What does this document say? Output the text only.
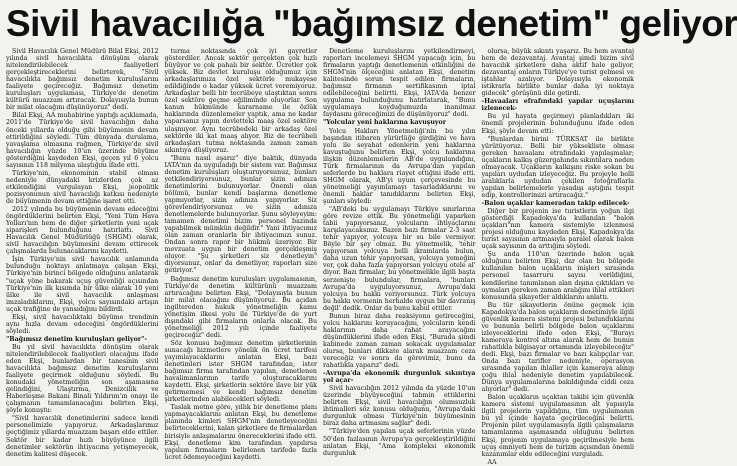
Sivil havacılığa "bağımsız denetim" geliyor

Sivil Havacılık Genel Müdürü Bilal Ekşi, 2012 yılında sivil havacılıkta dönüşüm olarak nitelendirilebilecek faaliyetleri gerçekleştireceklerini belirterek, "Sivil havacılıkta bağımsız denetim kuruluşlarını faaliyete geçireceğiz. Bağımsız denetim kuruluşları uygulaması, Türkiye'de denetim kültürü muazzam artıracak. Dolayısıyla bunun bir milat olacağını düşünüyoruz" dedi.

Bilal Ekşi, AA muhabirine yaptığı açıklamada, 2011'de Türkiye'de sivil havacılığın daha önceki yıllarda olduğu gibi büyümenin devam ettirildiğini söyledi. Tüm dünyada durulama, yavaşlama olmasına rağmen, Türkiye'de sivil havacılığın yüzde 10'un üzerinde büyüme gösterdiğini kaydeden Ekşi, geçen yıl 6 yolcu sayısının 118 milyona ulaştığını ifade etti.

Türkiye'nin, ekonominin stabil olması nedeniyle dünyadaki krizlerden çok az etkilendiğini vurgulayan Ekşi, jeopolitik pozisyonunun sivil havacılığı katkısı nedeniyle de büyümenin devam ettiğine işaret etti.

2012 yılında bu büyümenin devam edeceğini öngördüklerini belirten Ekşi, "Yeni Tüm Hava Yolları'nın hem de diğer şirketlerin yeni uçak siparişleri bulunduğunu hatırlattı. Sivil Havacılık Genel Müdürlüğü (SHGM) olarak, sivil havacılığın büyümesini devam ettirecek çalışmalarda bulunacaklarını kaydetti.

İşin Türkiye'nin sivil havacılık anlamında bulunduğu noktayı anlatmaya çalışan Ekşi, Türkiye'nin birinci bölgede olduğunu anlatarak "uçak yöne bakarak uçuş güvenliği açısından Türkiye'nin ilk kısımda bir ülke olarak 10 yeni ülke ile sivil havacılık anlaşması imzaladıklarını, Ekşi, yolcu sayısındaki artışın uçak trafiğine de yansıdığını bildirdi.

Ekşi, sivil havacılıktaki büyüme trendinin aynı hızla devam edeceğini öngördüklerini söyledi.

"Bağımsız denetim kuruluşları geliyor"-

Bu yıl sivil havacılıkta dönüşüm olarak nitelendirilebilecek faaliyetleri olacağını ifade eden Ekşi, bunlardan bir tanesinin sivil havacılıkta bağımsız denetim kuruluşlarını faaliyete geçirmek olduğunu söyledi. Bu konudaki yönetmeliğin son aşamasına gelindiğini, Ulaştırma, Denizcilik ve Haberleşme Bakanı Binali Yıldırım'ın onayı ile çalışmanın tamamlanacağını belirten Ekşi, şöyle konuştu:

"Sivil havacılık denetimlerini sadece kendi personelimizle yapıyoruz. Arkadaşlarımız geçtiğimiz yıllarda muazzam başarı elde ettiler. Sektör bir kadar hızlı büyüyünce ilgili denetimler sektörün ihtiyacına yetişmeyecek, denetim kalitesi düşecek.

turma noktasında çok iyi gayretler gösterdiler. Ancak sektör gerçekten çok hızlı büyüyor ve çok pahalı bir sektör. Ücretler çok yüksek. Biz devlet kuruluşu olduğumuz için arkadaşlarımıza özel sektörle mukayese edildiğinde o kadar yüksek ücret veremiyoruz. Arkadaşlar belli bir tecrübeye ulaştıktan sonra özel sektöre geçme eğiliminde oluyorlar. Son kanun hükmünde kararname ile özlük haklarında düzenlemeler yaptık, ama ne kadar yaparsanız yapın devletteki maaş özel sektöre ulaşmıyor. Aynı tecrübedeki bir arkadaş özel sektörde iki kat maaş alıyor. Biz de tecrübeli arkadaşları tutma noktasında zaman zaman sıkıntıya düşüyoruz.

"Bunu nasıl aşarız" diye baktık, dünyada IATA'nın da uyguladığı bir sistem var. Bağımsız denetim kuruluşları oluşturuyorsunuz, bunları yetkilendiriyorsunuz, bunlar sizin adınıza denetimlerini bulunuyorlar. Önemli olan bölümü, bunlar kendi başlarına denetleme yapmıyorlar, sizin adınıza yapıyorlar. Siz görevlendiriyorsunuz ve sizin adınıza denetlemelerde bulunuyorlar. Şunu söyleyeyim: tamamen denetimi bizim personel bazında yapabilmek mümkün değildir." Yani ihtiyacımız olan zaman oranlarla bir ihtiyacımızı sunuz. Ondan sonra rapor bir hükmü üzeriyor. Bir mevzuata uygun bir denetim gerçekleşmiş oluyor. "Şu şirketleri siz denetleyin" diyorsunuz, onlar da denetliyor, raporları size getiriyor."

Bağımsız denetim kuruluşları uygulamasının, Türkiye'de denetim kültürünü muazzam artıracağını belirten Ekşi, "Dolayısıyla bunun bir milat olacağını düşünüyoruz. Bu açıdan ingiltereden hukuk yönetmeliğin kamu yönetişim ilkesi yolu ile Türkiye'de de yurt dışındaki gibi firmaların onlarla olacak. Bu yönetmeliği 2012 yılı içinde faaliyete geçireceğiz" dedi.

Söz konusu bağımsız denetim şirketlerinin sunacağı hizmetlere yönelik ön ücret tarifesi yayımlayacaklarını anlatan Ekşi, bazı denetimleri ister SHGM tarafından, ister bağımsız firma tarafından yapılan, denetlenen havalimanlarının tarife oluşturacaklarını kaydetti. Ekşi, şirketlerin sektöre ilave bir yük getirmemesi ve kendi bağımsız denetim şirketlerinden alabilecekleri söyledi.

Taslak metne göre, yıllık bir denetleme planı yapmayacaklarını anlatan Ekşi, bu denetleme planında kimleri SHGM'nin denetleyeceğini belirteceklerini, kalan şirketlere de firmalardan birisiyle anlaşmalarını önereceklerini ifade etti. Ekşi, denetleme kim tarafından yapılırsa yapılsın firmaların belirlenen tarifede fazla ücret ödemeyeceğini kaydetti.

Denetleme kuruluşlarını yetkilendirmeyi, raporları incelemeyi SHGM yapacağı için, bu firmaların yaptığı denetlemenin etkinliğini de SHGM'nin ölçeceğini anlatan Ekşi, denetim kalitesinde sorun tespit edilen firmaların, bağımsız firmanın sertifikasının iptal edilebileceğini belirtti. Ekşi, IATA'da benzer uygulama bulunduğunu hatırlatarak, "Bunu uygulamaya koyduğumuzda inanılmaz faydasını göreceğimizi de düşünüyoruz" dedi.

"Yolcular yeni haklarına kavuşuyor

Yolcu Hakları Yönetmeliği'nin bu yılın başından itibaren yürürlüğe girdiğini ve hava yolu ile seyahat edenlerin yeni haklarına kavuştuğunu belirten Ekşi, yolcu haklarına ilişkin düzenlemelerin AB'de uygulandığını, Türk firmalarının da Avrupa'dan yapılan seferlerde bu haklara riayet ettiğini ifade etti. SHGM olarak, AB'yi uyum çerçevesinde bu yönetmeliği yayımlamayı tasarladıklarını ve önemli haklar tanıdıklarını belirten Ekşi, şunları söyledi:

"AB'deki bu uygulamayı Türkiye sınırlarına göre revize ettik. Bu yönetmeliği yaparken tabii yapıyorsanız, yolcuların ihtiyaçlarını karşılayacaksınız. Bazen bazı firmalar 2-3 saat tehir yapıyor, yolcuya bir su bile vermiyor. Böyle bir şey olmaz. Bu yönetmelik, 'tehir yapıyorsan yolcuya belli ikramlarda bulun, daha uzun tehir yapıyorsan, yolcuya yemeğini ver, çok daha fazla yapıyorsan yolcuyu otele al' diyor. Bazı firmalar, bu yönetmelikle ilgili başta serzenişte bulundular, firmalara, 'bunları Avrupa'da uyguluyorsunuz, Avrupa'daki yolcuya bu hakkı veriyorsunuz. Türk yolcuya bu hakkı vermenin herhalde uygun bir davranış değil' dedik. Onlar da bunu kabul ettiler.

Bunun biraz daha reaksiyonu getireceğini, yolcu haklarını koruyacağını, yolcuların kendi haklarının daha rahat arayacağını düşündüklerini ifade eden Ekşi, "Burada şimdi kabinede zaman zaman sokacak uygulamalar olursa, bunları dikkate alarak muazzam ceza vereceğiz ve sonra da görevimiz, bunu da rahatlıkla yaparız" dedi.

-Avrupa'da ekonomik durgunluk sıkıntıya yol açar-

Sivil havacılığın 2012 yılında da yüzde 10'un üzerinde büyüyeceğini tahmin ettiklerini belirten Ekşi, sivil havacılığın olumsuzluk ihtimalleri söz konusu olduğunu, "Avrupa'daki durgunluk olması Türkiye'nin büyümesinin biraz daha artmasını sağlar" dedi.

"Türkiye'den yapılan uçak seferlerinin yüzde 50'den fazlasının Avrupa'ya gerçekleştirildiğini anlatan Ekşi, "Ama kompleksi ekonomik durgunluk

olursa, büyük sıkıntı yaşarız. Bu hem avantaj hem de dezavantaj. Avantaj şimdi bizim sivil havacılık şirketlere daha aktif hale geliyor, dezavantaj onların Türkiye'ye turist gelmesi ve iştahlar azalıyor. Dolayısıyla ekonomik istikrarla birlikte bunlar daha iyi noktaya gidecek" görüşünü dile getirdi.

-Havaaları efrafındaki yapılar uçuşlarını izlenecek-

Bu yıl hayata geçirmeyi planladıkları iki önemli projelerinin bulunduğunu ifade eden Ekşi, şöyle devam etti:

"Bunlardan birini TÜRKSAT ile birlikte yürütüyoruz. Belli bir yüksekliste olması gereken havaalanı etrafındaki yapılaşmalar; uçakların kalkış güzergahında sıkıntılara neden olmayacak. Uçakların kalkışını riske sokan bu yapıları uydudan izleyeceğiz. Bu projeyle belli aralıklarla uydudan çekilen fotoğraflarla yapılan belirlemelerle yasadışı aştığını tespit edip, kontrollerimizi artıracağız."

-Balon uçaklar kameradan takip edilecek-

Diğer bir projenin ise turistlerin yoğun ilgi gösterdiği Kapadokya'da kullanılan "balon uçakları"nın kamera sistemiyle izlenmesi projesi olduğunu kaydeden Ekşi, Kapadokya'da turist sayısının artmasıyla paralel olarak balon uçak sayısının da arttığını söyledi.

Şu anda 110'un üzerinde balon uçak olduğunu belirten Ekşi, dar olan bu bölgede kullanılan balon uçakların inişleri sırasında personel tasarruru sayısı verildiğini, kendilerine tanımlanan alan dışına çıktıkları ve uymaları gereken zaman aralığını ihlal ettikleri konusunda şikayetler aldıklarını anlattı.

Bu tür şikayetlerin önüne geçmek için Kapadokya'da balon uçakların denetimiyle ilgili güvenlik kamera sistemi projesi bulunduklarını ve bununla belirli bölgede balon uçaklarını izleyeceklerini ifade eden Ekşi, "Burayı kameraya kontrol altına alarak hem de bunun rahatlıkla bilgisayar ortamında izleyebileceğiz" dedi. Ekşi, bazı firmalar ve bazı kalıpçılar var. Onda bazı tarifler nedeniyle, operasyon sırasında yapılan ihlaller için kameraya alınıp çoğu ihlal nedeniyle denetim yapılabilecek. Dünya uygulamalarına bakıldığında ciddi ceza alıyorlar" dedi.

Balon uçakların uçaktan takibi için güvenlik kamera sistemi uygulamasının alt yapısıyla ilgili projelerin yapıldığını, tüm uygulamanın bu yıl içinde hayata geçirileceğini belirtti. Projenin pilot uygulamasıyla ilgili çalışmaların tamamlanma aşamasında olduğunu belirten Ekşi, projenin uygulamaya geçirilmesiyle hem uçuş emniyeti hem de turizm açısından önemli kazanımlar elde edileceğini vurguladı.

AA
